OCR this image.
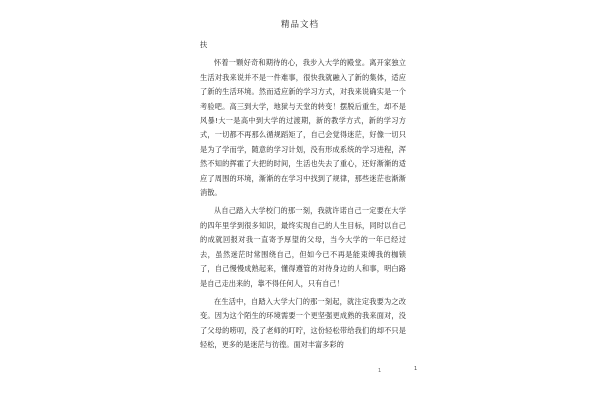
精品文档

扶

怀着一颗好奇和期待的心，我步入大学的殿堂。离开家独立生活对我来说并不是一件难事，很快我就融入了新的集体，适应了新的生活环境。然而适应新的学习方式，对我来说确实是一个考验吧。高三到大学，地狱与天堂的转变！摆脱后重生，却不是风暴!大一是高中到大学的过渡期，新的教学方式，新的学习方式，一切都不再那么循规蹈矩了，自己会觉得迷茫，好像一切只是为了学而学，随意的学习计划，没有形成系统的学习进程，浑然不知的挥霍了大把的时间，生活也失去了重心，还好渐渐的适应了周围的环境，渐渐的在学习中找到了规律，那些迷茫也渐渐消散。

从自己踏入大学校门的那一刻，我就许诺自己一定要在大学的四年里学到很多知识，最终实现自己的人生目标，同时以自己的成就回报对我一直寄予厚望的父母，当今大学的一年已经过去，虽然迷茫时常围绕自己，但如今已不再是能束缚我的枷锁了，自己慢慢成熟起来，懂得遵管的对待身边的人和事，明白路是自己走出来的，靠不得任何人，只有自己！

在生活中，自踏入大学大门的那一刻起，就注定我要为之改变。因为这个陌生的环境需要一个更坚强更成熟的我来面对，没了父母的唠叨，没了老师的叮咛，这份轻松带给我们的却不只是轻松，更多的是迷茫与彷徨。面对丰富多彩的

1	1
